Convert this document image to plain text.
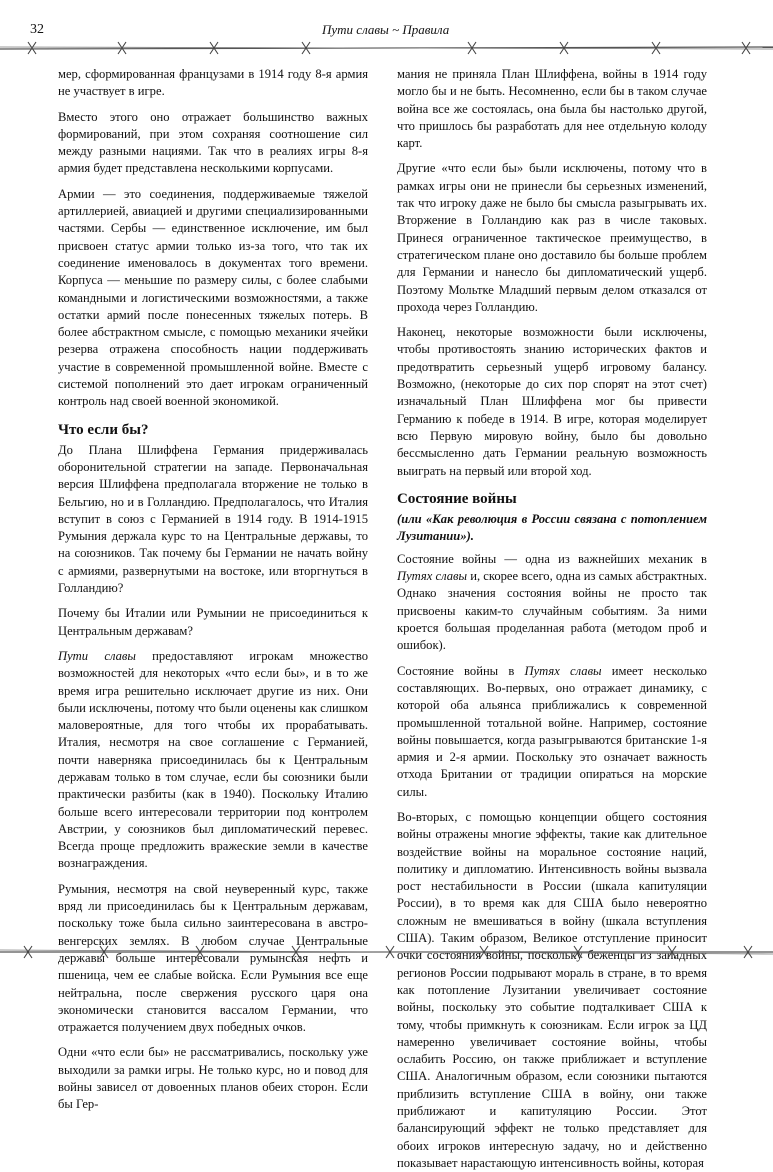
32	Пути славы ~ Правила

мер, сформированная французами в 1914 году 8-я армия не участвует в игре.

Вместо этого оно отражает большинство важных формирований, при этом сохраняя соотношение сил между разными нациями. Так что в реалиях игры 8-я армия будет представлена несколькими корпусами.

Армии — это соединения, поддерживаемые тяжелой артиллерией, авиацией и другими специализированными частями. Сербы — единственное исключение, им был присвоен статус армии только из-за того, что так их соединение именовалось в документах того времени. Корпуса — меньшие по размеру силы, с более слабыми командными и логистическими возможностями, а также остатки армий после понесенных тяжелых потерь. В более абстрактном смысле, с помощью механики ячейки резерва отражена способность нации поддерживать участие в современной промышленной войне. Вместе с системой пополнений это дает игрокам ограниченный контроль над своей военной экономикой.

Что если бы?

До Плана Шлиффена Германия придерживалась оборонительной стратегии на западе. Первоначальная версия Шлиффена предполагала вторжение не только в Бельгию, но и в Голландию. Предполагалось, что Италия вступит в союз с Германией в 1914 году. В 1914-1915 Румыния держала курс то на Центральные державы, то на союзников. Так почему бы Германии не начать войну с армиями, развернутыми на востоке, или вторгнуться в Голландию?

Почему бы Италии или Румынии не присоединиться к Центральным державам?

Пути славы предоставляют игрокам множество возможностей для некоторых «что если бы», и в то же время игра решительно исключает другие из них. Они были исключены, потому что были оценены как слишком маловероятные, для того чтобы их прорабатывать. Италия, несмотря на свое соглашение с Германией, почти наверняка присоединилась бы к Центральным державам только в том случае, если бы союзники были практически разбиты (как в 1940). Поскольку Италию больше всего интересовали территории под контролем Австрии, у союзников был дипломатический перевес. Всегда проще предложить вражеские земли в качестве вознаграждения.

Румыния, несмотря на свой неуверенный курс, также вряд ли присоединилась бы к Центральным державам, поскольку тоже была сильно заинтересована в австро-венгерских землях. В любом случае Центральные державы больше интересовали румынская нефть и пшеница, чем ее слабые войска. Если Румыния все еще нейтральна, после свержения русского царя она экономически становится вассалом Германии, что отражается получением двух победных очков.

Одни «что если бы» не рассматривались, поскольку уже выходили за рамки игры. Не только курс, но и повод для войны зависел от довоенных планов обеих сторон. Если бы Гер-

мания не приняла План Шлиффена, войны в 1914 году могло бы и не быть. Несомненно, если бы в таком случае война все же состоялась, она была бы настолько другой, что пришлось бы разработать для нее отдельную колоду карт.

Другие «что если бы» были исключены, потому что в рамках игры они не принесли бы серьезных изменений, так что игроку даже не было бы смысла разыгрывать их. Вторжение в Голландию как раз в числе таковых. Принеся ограниченное тактическое преимущество, в стратегическом плане оно доставило бы больше проблем для Германии и нанесло бы дипломатический ущерб. Поэтому Мольтке Младший первым делом отказался от прохода через Голландию.

Наконец, некоторые возможности были исключены, чтобы противостоять знанию исторических фактов и предотвратить серьезный ущерб игровому балансу. Возможно, (некоторые до сих пор спорят на этот счет) изначальный План Шлиффена мог бы привести Германию к победе в 1914. В игре, которая моделирует всю Первую мировую войну, было бы довольно бессмысленно дать Германии реальную возможность выиграть на первый или второй ход.

Состояние войны
(или «Как революция в России связана с потоплением Лузитании»).

Состояние войны — одна из важнейших механик в Путях славы и, скорее всего, одна из самых абстрактных. Однако значения состояния войны не просто так присвоены каким-то случайным событиям. За ними кроется большая проделанная работа (методом проб и ошибок).

Состояние войны в Путях славы имеет несколько составляющих. Во-первых, оно отражает динамику, с которой оба альянса приближались к современной промышленной тотальной войне. Например, состояние войны повышается, когда разыгрываются британские 1-я армия и 2-я армии. Поскольку это означает важность отхода Британии от традиции опираться на морские силы.

Во-вторых, с помощью концепции общего состояния войны отражены многие эффекты, такие как длительное воздействие войны на моральное состояние наций, политику и дипломатию. Интенсивность войны вызвала рост нестабильности в России (шкала капитуляции России), в то время как для США было невероятно сложным не вмешиваться в войну (шкала вступления США). Таким образом, Великое отступление приносит очки состояния войны, поскольку беженцы из западных регионов России подрывают мораль в стране, в то время как потопление Лузитании увеличивает состояние войны, поскольку это событие подталкивает США к тому, чтобы примкнуть к союзникам. Если игрок за ЦД намеренно увеличивает состояние войны, чтобы ослабить Россию, он также приближает и вступление США. Аналогичным образом, если союзники пытаются приблизить вступление США в войну, они также приближают и капитуляцию России. Этот балансирующий эффект не только представляет для обоих игроков интересную задачу, но и действенно показывает нарастающую интенсивность войны, которая
